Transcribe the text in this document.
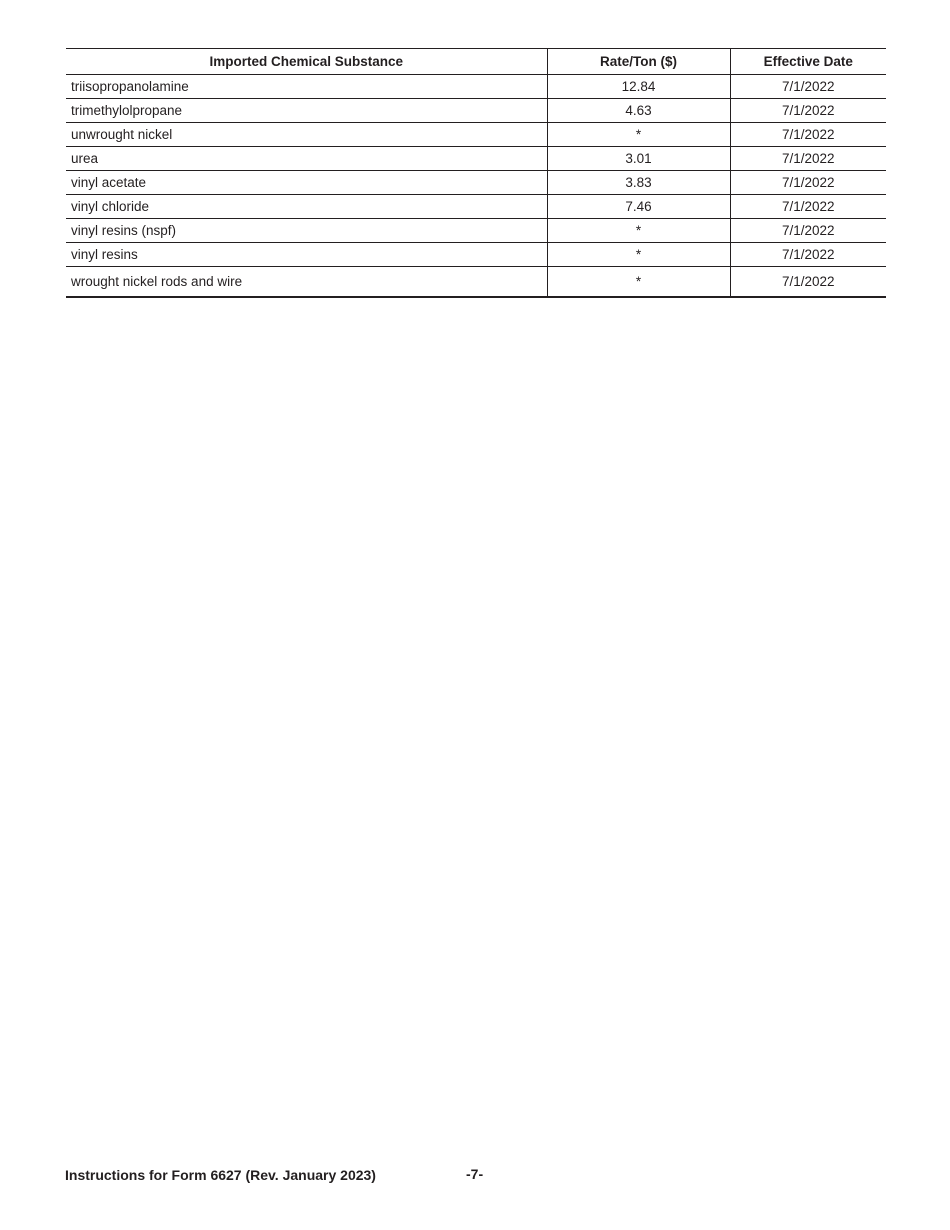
Imported Chemical Substance	Rate/Ton ($)	Effective Date
triisopropanolamine	12.84	7/1/2022
trimethylolpropane	4.63	7/1/2022
unwrought nickel	*	7/1/2022
urea	3.01	7/1/2022
vinyl acetate	3.83	7/1/2022
vinyl chloride	7.46	7/1/2022
vinyl resins (nspf)	*	7/1/2022
vinyl resins	*	7/1/2022
wrought nickel rods and wire	*	7/1/2022
Instructions for Form 6627 (Rev. January 2023)	-7-
